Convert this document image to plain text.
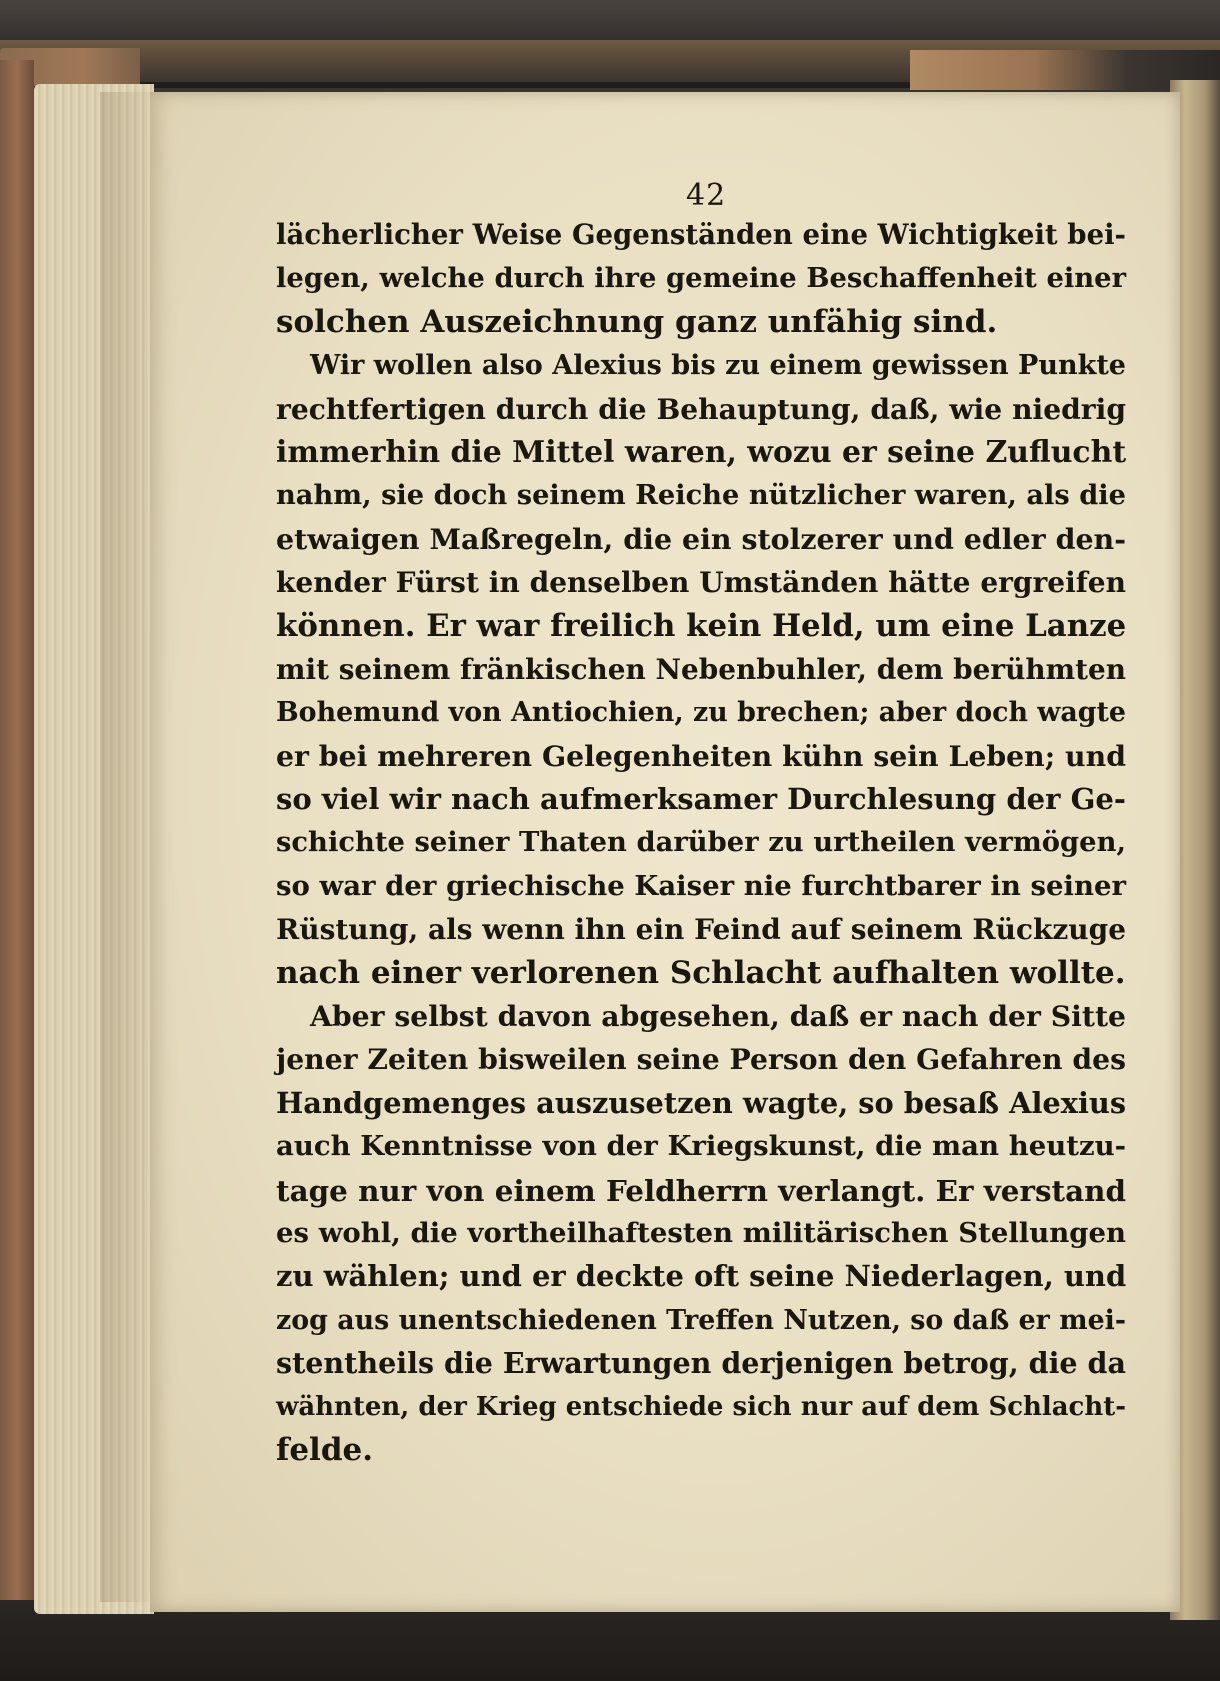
42
lächerlicher Weise Gegenständen eine Wichtigkeit bei-
legen, welche durch ihre gemeine Beschaffenheit einer
solchen Auszeichnung ganz unfähig sind.
Wir wollen also Alexius bis zu einem gewissen Punkte
rechtfertigen durch die Behauptung, daß, wie niedrig
immerhin die Mittel waren, wozu er seine Zuflucht
nahm, sie doch seinem Reiche nützlicher waren, als die
etwaigen Maßregeln, die ein stolzerer und edler den-
kender Fürst in denselben Umständen hätte ergreifen
können. Er war freilich kein Held, um eine Lanze
mit seinem fränkischen Nebenbuhler, dem berühmten
Bohemund von Antiochien, zu brechen; aber doch wagte
er bei mehreren Gelegenheiten kühn sein Leben; und
so viel wir nach aufmerksamer Durchlesung der Ge-
schichte seiner Thaten darüber zu urtheilen vermögen,
so war der griechische Kaiser nie furchtbarer in seiner
Rüstung, als wenn ihn ein Feind auf seinem Rückzuge
nach einer verlorenen Schlacht aufhalten wollte.
Aber selbst davon abgesehen, daß er nach der Sitte
jener Zeiten bisweilen seine Person den Gefahren des
Handgemenges auszusetzen wagte, so besaß Alexius
auch Kenntnisse von der Kriegskunst, die man heutzu-
tage nur von einem Feldherrn verlangt. Er verstand
es wohl, die vortheilhaftesten militärischen Stellungen
zu wählen; und er deckte oft seine Niederlagen, und
zog aus unentschiedenen Treffen Nutzen, so daß er mei-
stentheils die Erwartungen derjenigen betrog, die da
wähnten, der Krieg entschiede sich nur auf dem Schlacht-
felde.
